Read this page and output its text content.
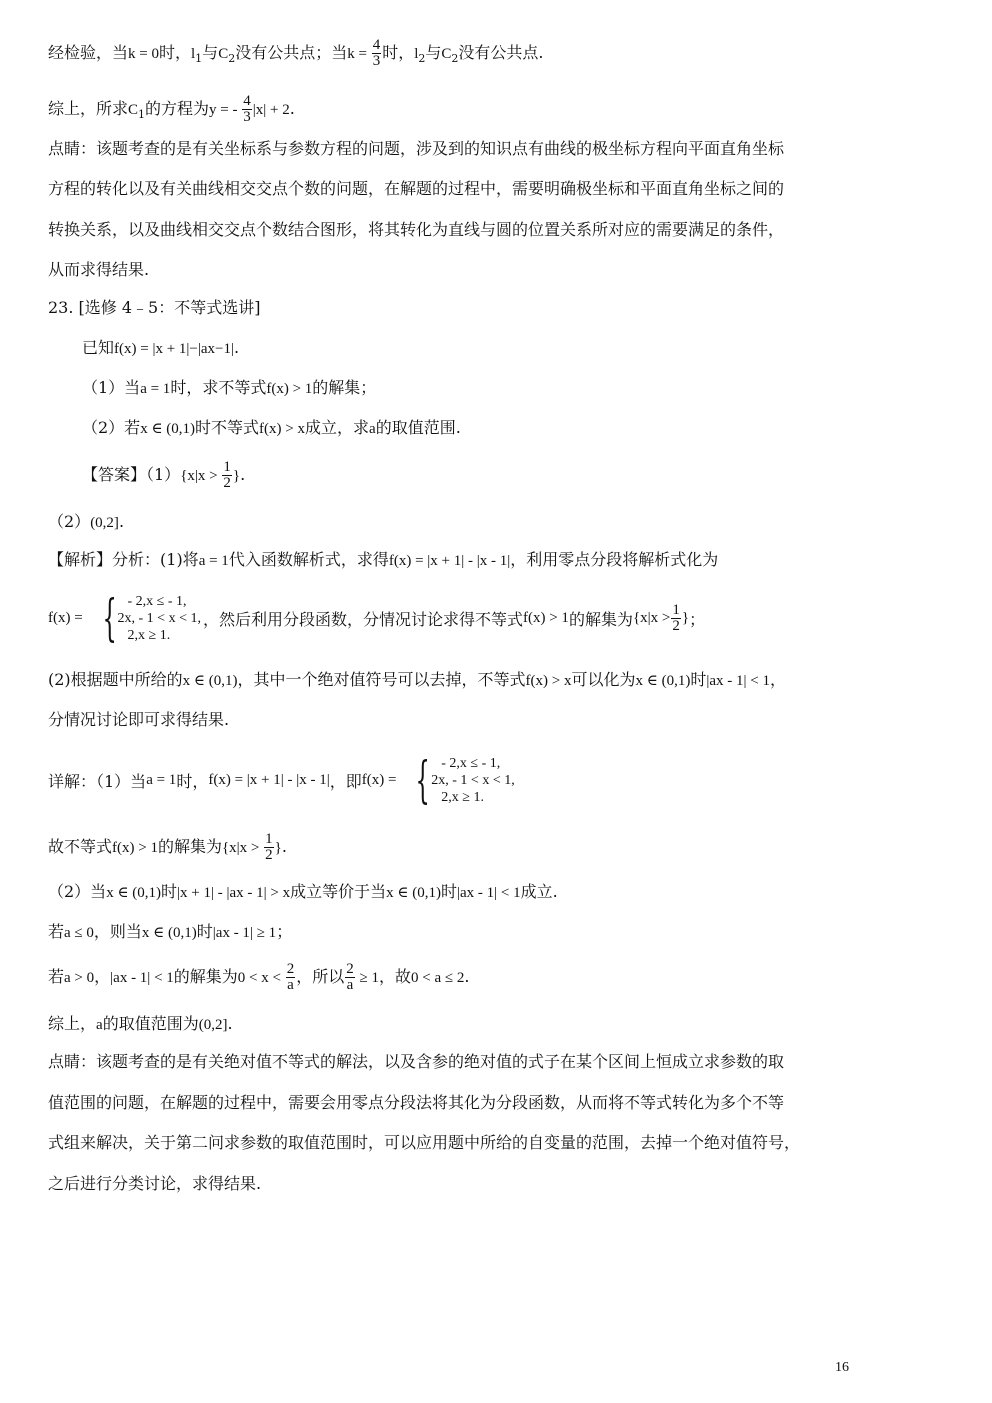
经检验，当k = 0时，$l_1$与$C_2$没有公共点；当$k = \frac{4}{3}$ 时，$l_2$与$C_2$没有公共点.
综上，所求$C_1$的方程为y = - $\frac{4}{3} |x| + 2$.
点睛：该题考查的是有关坐标系与参数方程的问题，涉及到的知识点有曲线的极坐标方程向平面直角坐标
方程的转化以及有关曲线相交交点个数的问题，在解题的过程中，需要明确极坐标和平面直角坐标之间的
转换关系，以及曲线相交交点个数结合图形，将其转化为直线与圆的位置关系所对应的需要满足的条件，
从而求得结果.
23. [选修 4﹣5：不等式选讲]
已知f(x) = |x + 1|−|ax−1|.
（1）当a = 1时，求不等式f(x) > 1的解集；
（2）若x ∈ (0,1)时不等式f(x) > x成立，求a的取值范围.
【答案】$(1)\{x|x > \frac{1}{2}$ }.
（2）(0,2].
【解析】分析：(1)将a = 1代入函数解析式，求得f(x) = |x + 1| - |x - 1|，利用零点分段将解析式化为
f(x) = { - 2,x ≤ - 1,
2x, - 1 < x < 1,
2,x ≥ 1.
，然后利用分段函数，分情况讨论求得不等式 f(x) > 1 的解集为 {$x|x > \frac{1}{2}$ } ；
(2)根据题中所给的x ∈ (0,1)，其中一个绝对值符号可以去掉，不等式f(x) > x可以化为x ∈ (0,1)时|ax - 1| < 1，
分情况讨论即可求得结果.
详解：（1）当 a = 1 时， f(x) = |x + 1| - |x - 1| ，即 f(x) = { - 2,x ≤ - 1,
2x, - 1 < x < 1,
2,x ≥ 1.
故不等式f(x) > 1的解集为{$x|x > \frac{1}{2}$ }.
（2）当x ∈ (0,1)时|x + 1| - |ax - 1| > x成立等价于当x ∈ (0,1)时|ax - 1| < 1成立.
若a ≤ 0，则当x ∈ (0,1)时|ax - 1| ≥ 1；
若a > 0，|ax - 1| < 1的解集为$0 < x < \frac{2}{a}$ ，所以 $\frac{2}{a} \ge 1$，故0 < a ≤ 2.
综上，a的取值范围为(0,2].
点睛：该题考查的是有关绝对值不等式的解法，以及含参的绝对值的式子在某个区间上恒成立求参数的取
值范围的问题，在解题的过程中，需要会用零点分段法将其化为分段函数，从而将不等式转化为多个不等
式组来解决，关于第二问求参数的取值范围时，可以应用题中所给的自变量的范围，去掉一个绝对值符号，
之后进行分类讨论，求得结果.
16
